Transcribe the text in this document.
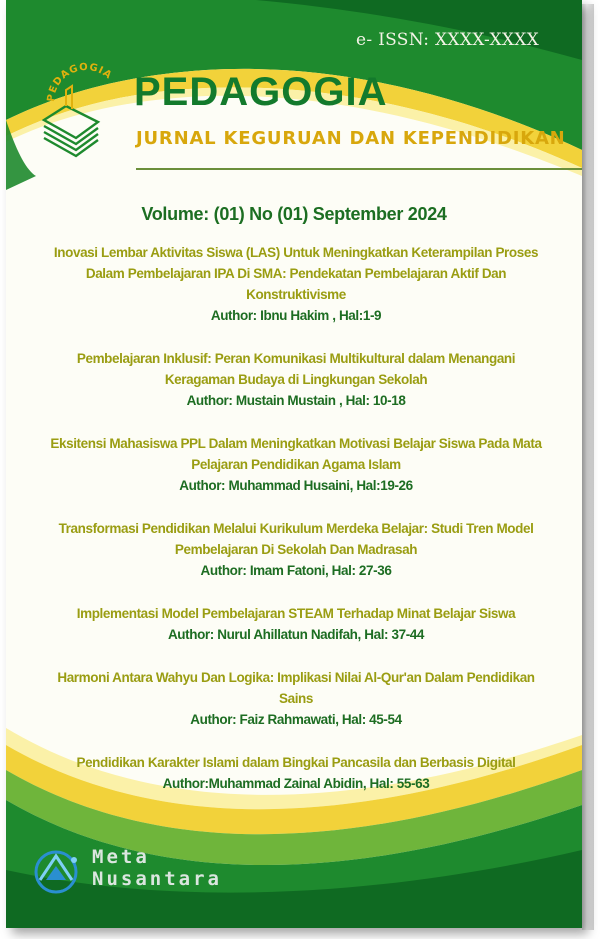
e- ISSN: XXXX-XXXX
PEDAGOGIA PEDAGOGIA
JURNAL KEGURUAN DAN KEPENDIDIKAN
Volume: (01) No (01) September 2024
Inovasi Lembar Aktivitas Siswa (LAS) Untuk Meningkatkan Keterampilan Proses Dalam Pembelajaran IPA Di SMA: Pendekatan Pembelajaran Aktif Dan Konstruktivisme
Author: Ibnu Hakim , Hal:1-9
Pembelajaran Inklusif: Peran Komunikasi Multikultural dalam Menangani Keragaman Budaya di Lingkungan Sekolah
Author: Mustain Mustain , Hal: 10-18
Eksitensi Mahasiswa PPL Dalam Meningkatkan Motivasi Belajar Siswa Pada Mata Pelajaran Pendidikan Agama Islam
Author: Muhammad Husaini, Hal:19-26
Transformasi Pendidikan Melalui Kurikulum Merdeka Belajar: Studi Tren Model Pembelajaran Di Sekolah Dan Madrasah
Author: Imam Fatoni, Hal: 27-36
Implementasi Model Pembelajaran STEAM Terhadap Minat Belajar Siswa
Author: Nurul Ahillatun Nadifah, Hal: 37-44
Harmoni Antara Wahyu Dan Logika: Implikasi Nilai Al-Qur'an Dalam Pendidikan Sains
Author: Faiz Rahmawati, Hal: 45-54
Pendidikan Karakter Islami dalam Bingkai Pancasila dan Berbasis Digital
Author:Muhammad Zainal Abidin, Hal: 55-63
Meta
Nusantara
